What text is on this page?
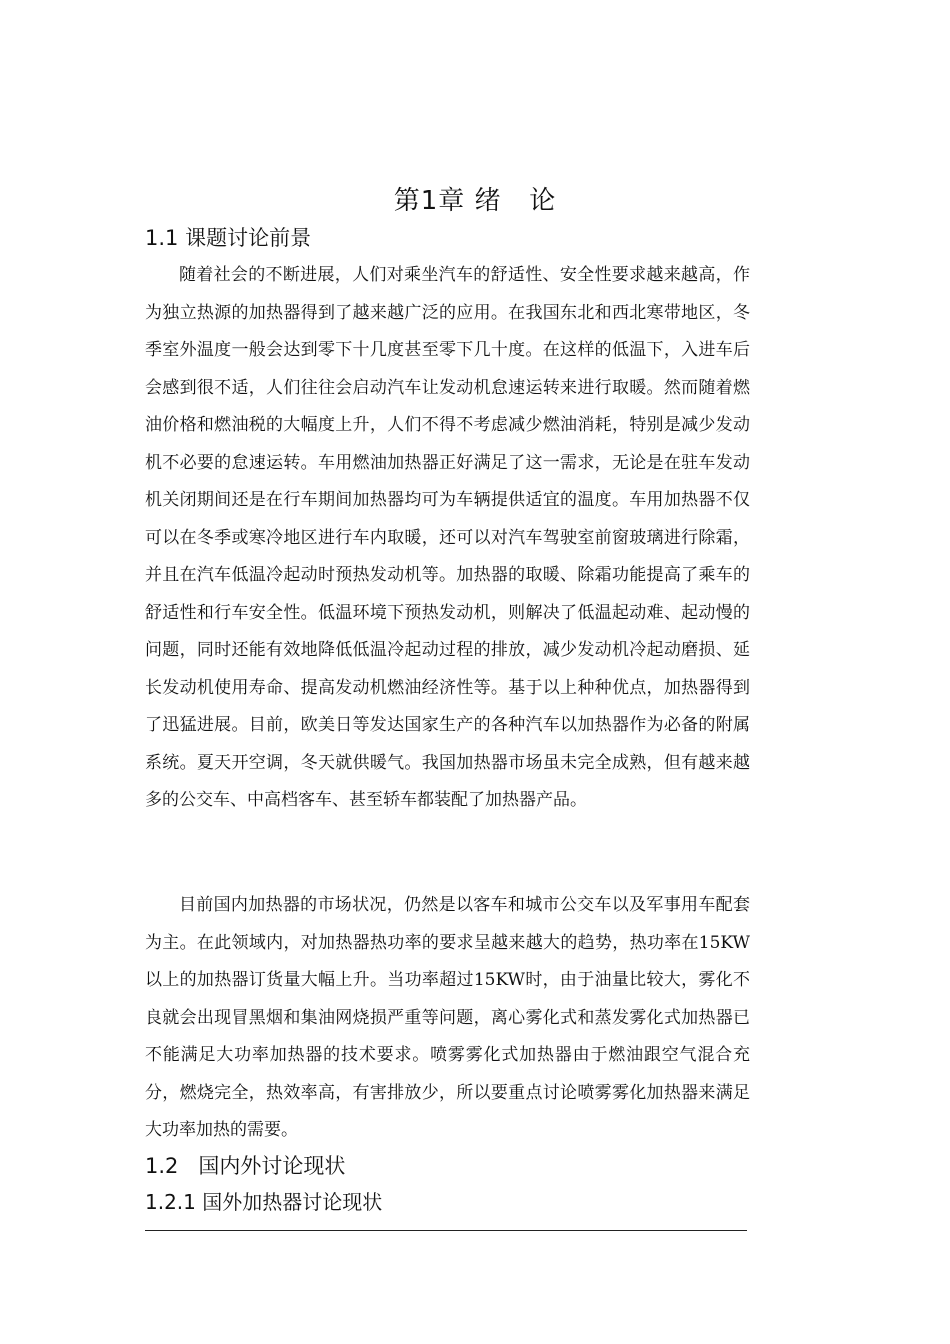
第1章 绪   论
1.1 课题讨论前景

随着社会的不断进展，人们对乘坐汽车的舒适性、安全性要求越来越高，作为独立热源的加热器得到了越来越广泛的应用。在我国东北和西北寒带地区，冬季室外温度一般会达到零下十几度甚至零下几十度。在这样的低温下，入进车后会感到很不适，人们往往会启动汽车让发动机怠速运转来进行取暖。然而随着燃油价格和燃油税的大幅度上升，人们不得不考虑减少燃油消耗，特别是减少发动机不必要的怠速运转。车用燃油加热器正好满足了这一需求，无论是在驻车发动机关闭期间还是在行车期间加热器均可为车辆提供适宜的温度。车用加热器不仅可以在冬季或寒冷地区进行车内取暖，还可以对汽车驾驶室前窗玻璃进行除霜，并且在汽车低温冷起动时预热发动机等。加热器的取暖、除霜功能提高了乘车的舒适性和行车安全性。低温环境下预热发动机，则解决了低温起动难、起动慢的问题，同时还能有效地降低低温冷起动过程的排放，减少发动机冷起动磨损、延长发动机使用寿命、提高发动机燃油经济性等。基于以上种种优点，加热器得到了迅猛进展。目前，欧美日等发达国家生产的各种汽车以加热器作为必备的附属系统。夏天开空调，冬天就供暖气。我国加热器市场虽未完全成熟，但有越来越多的公交车、中高档客车、甚至轿车都装配了加热器产品。

目前国内加热器的市场状况，仍然是以客车和城市公交车以及军事用车配套为主。在此领域内，对加热器热功率的要求呈越来越大的趋势，热功率在15KW以上的加热器订货量大幅上升。当功率超过15KW时，由于油量比较大，雾化不良就会出现冒黑烟和集油网烧损严重等问题，离心雾化式和蒸发雾化式加热器已不能满足大功率加热器的技术要求。喷雾雾化式加热器由于燃油跟空气混合充分，燃烧完全，热效率高，有害排放少，所以要重点讨论喷雾雾化加热器来满足大功率加热的需要。

1.2   国内外讨论现状
1.2.1 国外加热器讨论现状
